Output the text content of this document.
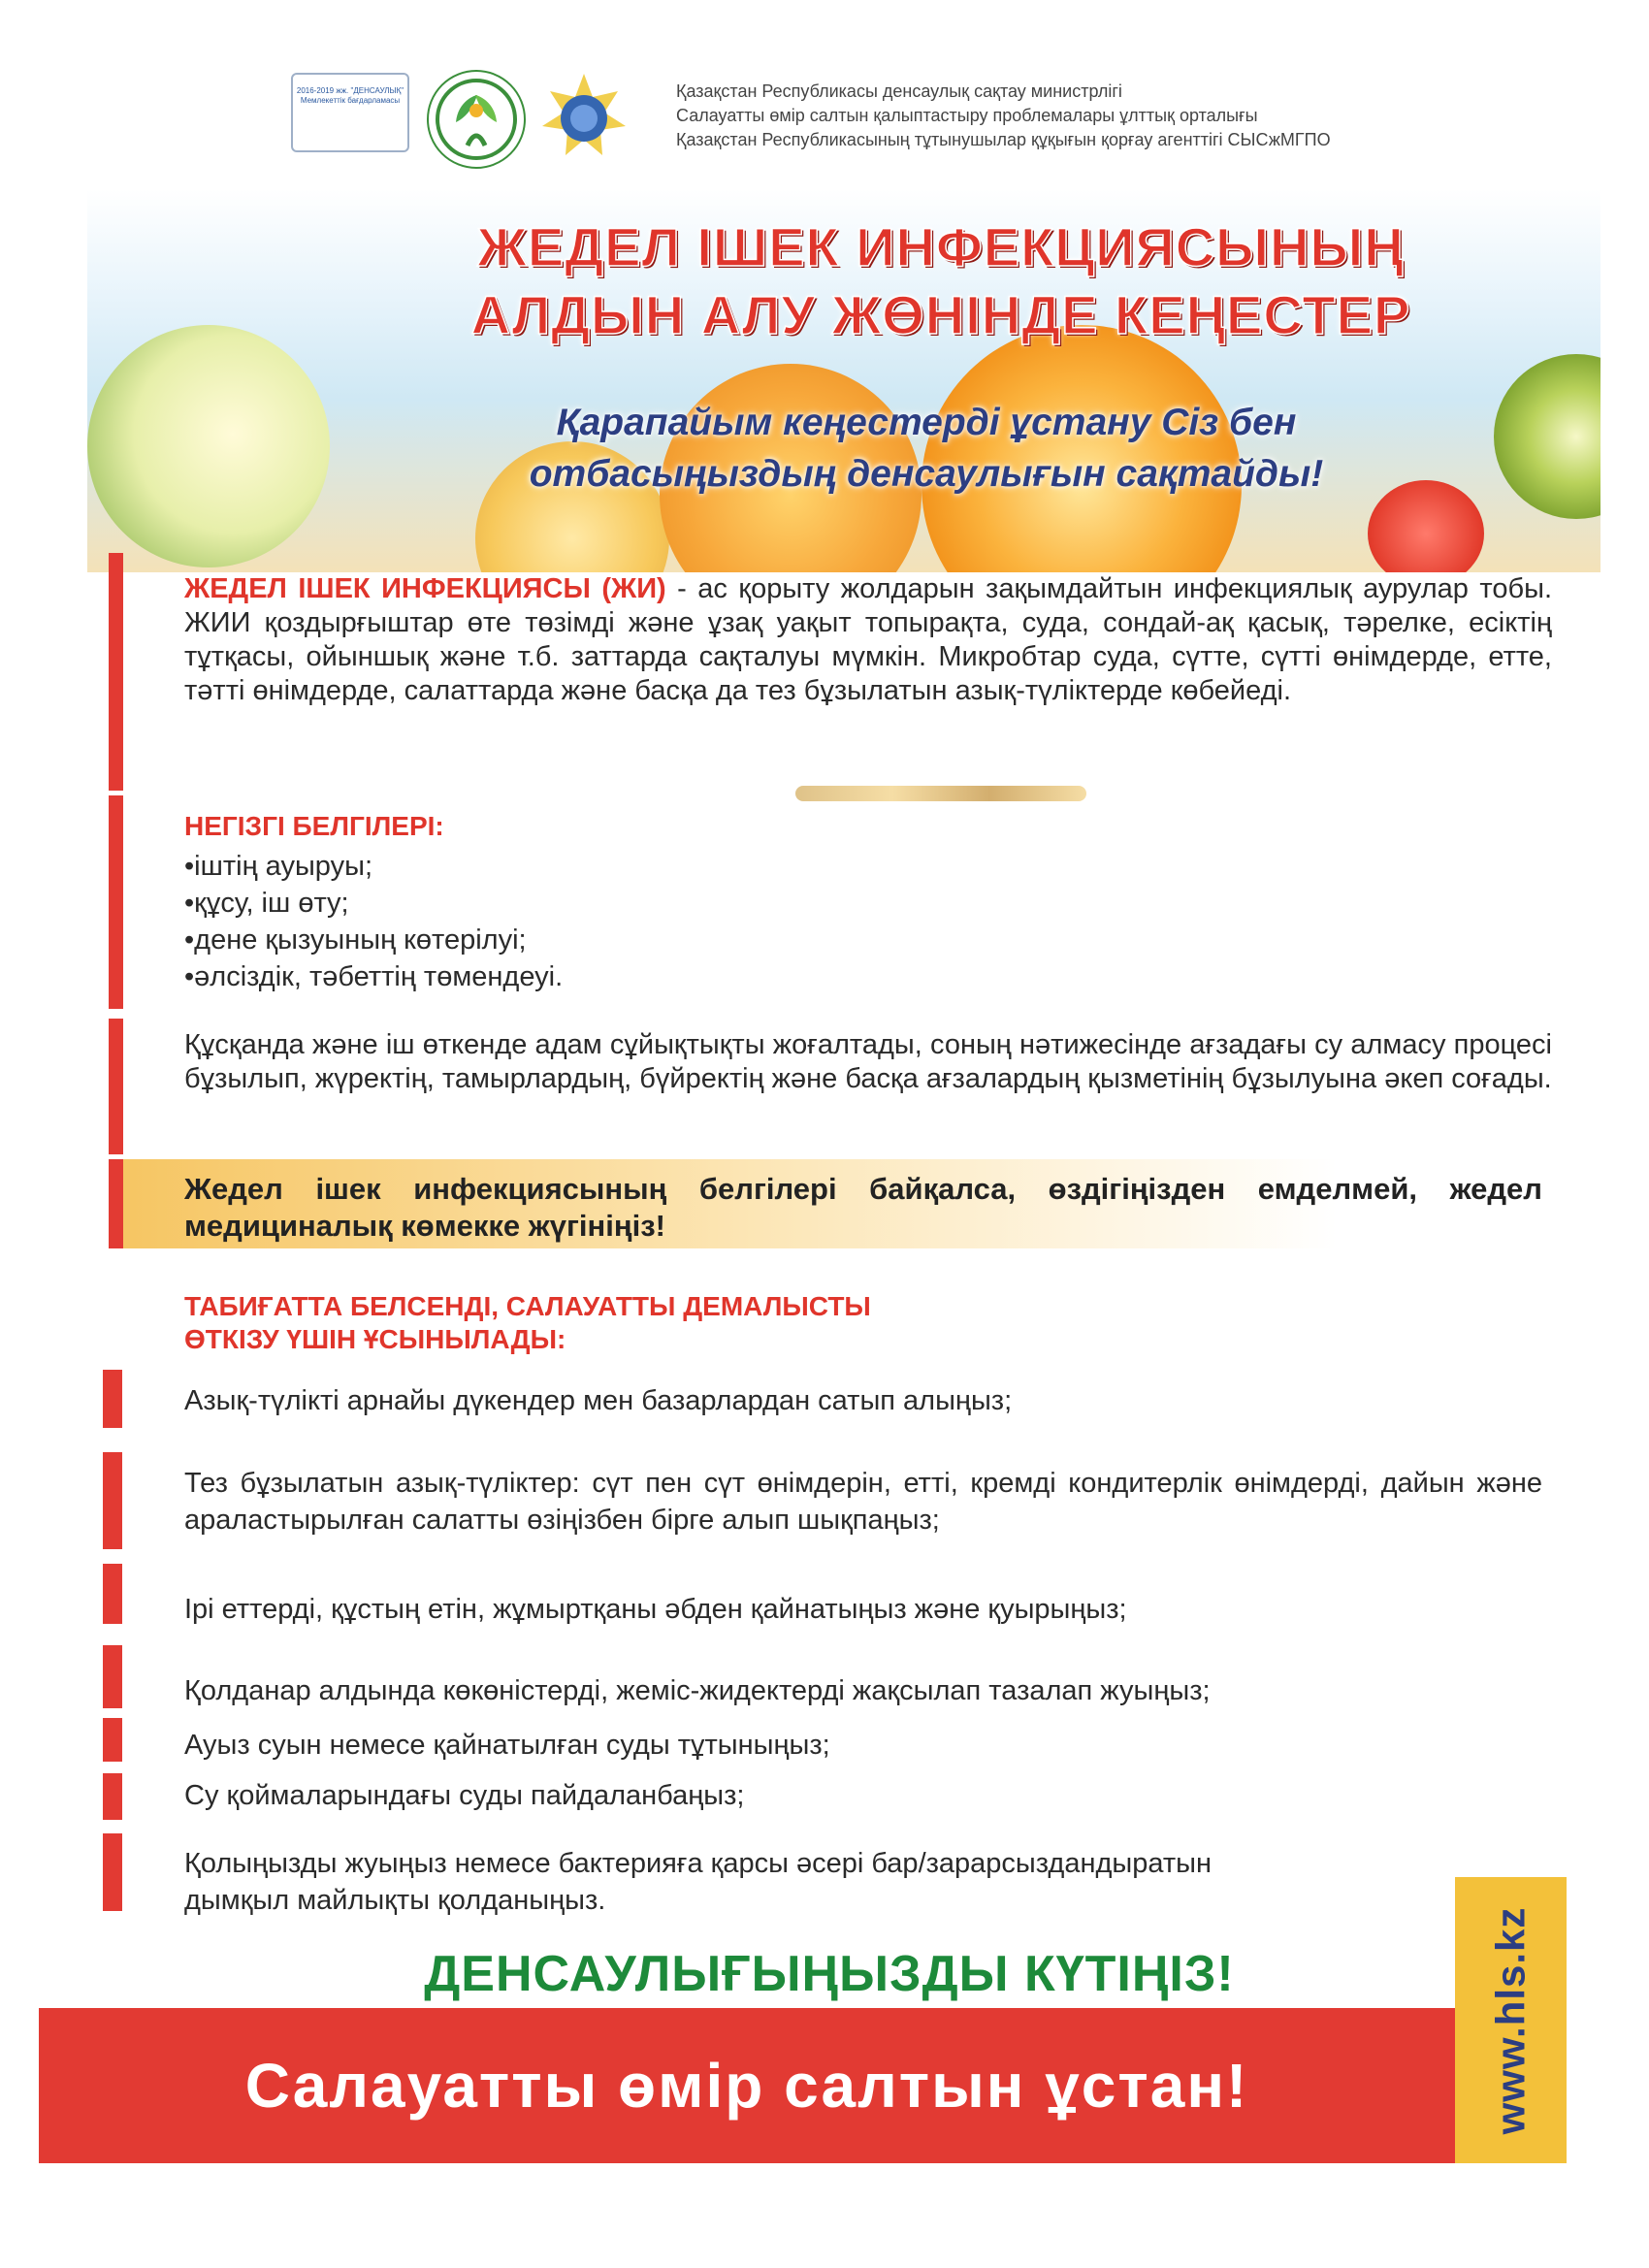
2016-2019 жж. "ДЕНСАУЛЫҚ" Мемлекеттік бағдарламасы	Қазақстан Республикасы денсаулық сақтау министрлігі
Салауатты өмір салтын қалыптастыру проблемалары ұлттық орталығы
Қазақстан Республикасының тұтынушылар құқығын қорғау агенттігі СЫСжМГПО
ЖЕДЕЛ ІШЕК ИНФЕКЦИЯСЫНЫҢ
АЛДЫН АЛУ ЖӨНІНДЕ КЕҢЕСТЕР
Қарапайым кеңестерді ұстану Сіз бен
отбасыңыздың денсаулығын сақтайды!
ЖЕДЕЛ ІШЕК ИНФЕКЦИЯСЫ (ЖИ) - ас қорыту жолдарын зақымдайтын инфекциялық аурулар тобы. ЖИИ қоздырғыштар өте төзімді және ұзақ уақыт топырақта, суда, сондай-ақ қасық, тәрелке, есіктің тұтқасы, ойыншық және т.б. заттарда сақталуы мүмкін. Микробтар суда, сүтте, сүтті өнімдерде, етте, тәтті өнімдерде, салаттарда және басқа да тез бұзылатын азық-түліктерде көбейеді.
НЕГІЗГІ БЕЛГІЛЕРІ:
• іштің ауыруы;
• құсу, іш өту;
• дене қызуының көтерілуі;
• әлсіздік, тәбеттің төмендеуі.
Құсқанда және іш өткенде адам сұйықтықты жоғалтады, соның нәтижесінде ағзадағы су алмасу процесі бұзылып, жүректің, тамырлардың, бүйректің және басқа ағзалардың қызметінің бұзылуына әкеп соғады.
Жедел ішек инфекциясының белгілері байқалса, өздігіңізден емделмей, жедел медициналық көмекке жүгініңіз!
ТАБИҒАТТА БЕЛСЕНДІ, САЛАУАТТЫ ДЕМАЛЫСТЫ
ӨТКІЗУ ҮШІН ҰСЫНЫЛАДЫ:
Азық-түлікті арнайы дүкендер мен базарлардан сатып алыңыз;
Тез бұзылатын азық-түліктер: сүт пен сүт өнімдерін, етті, кремді кондитерлік өнімдерді, дайын және араластырылған салатты өзіңізбен бірге алып шықпаңыз;
Ірі еттерді, құстың етін, жұмыртқаны әбден қайнатыңыз және қуырыңыз;
Қолданар алдында көкөністерді, жеміс-жидектерді жақсылап тазалап жуыңыз;
Ауыз суын немесе қайнатылған суды тұтыныңыз;
Су қоймаларындағы суды пайдаланбаңыз;
Қолыңызды жуыңыз немесе бактерияға қарсы әсері бар/зарарсыздандыратын дымқыл майлықты қолданыңыз.
ДЕНСАУЛЫҒЫҢЫЗДЫ КҮТІҢІЗ!
Салауатты өмір салтын ұстан!	www.hls.kz
